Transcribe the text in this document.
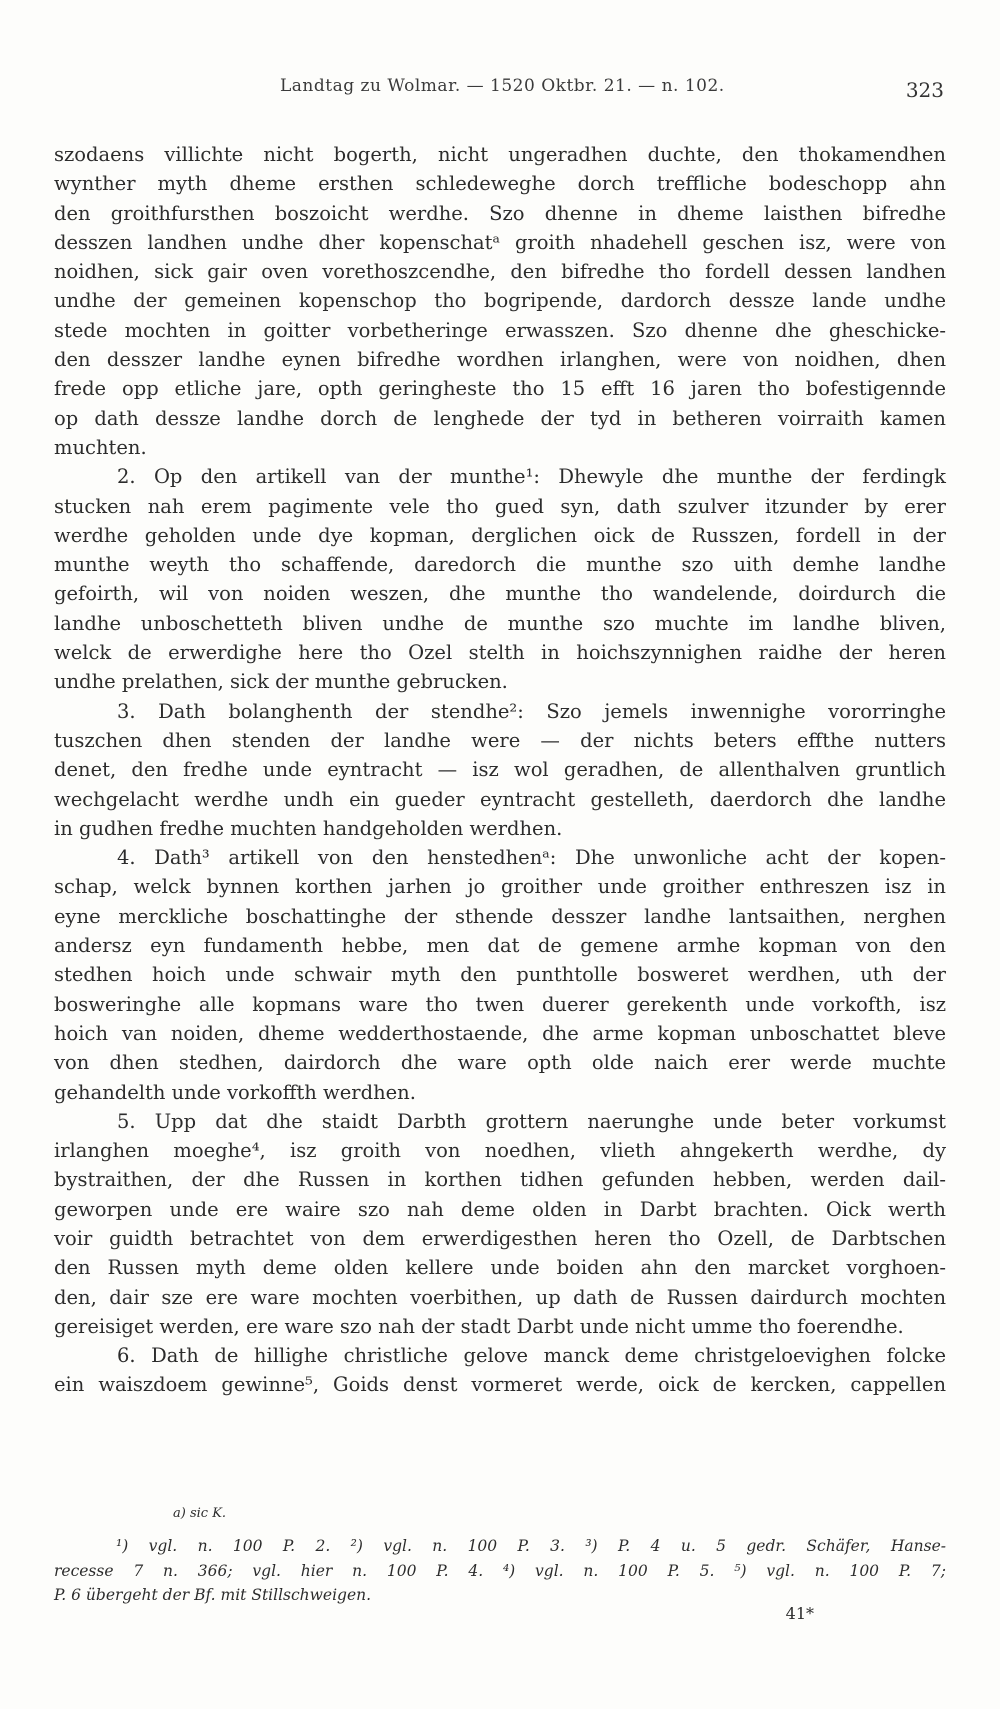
Landtag zu Wolmar. — 1520 Oktbr. 21. — n. 102.	323
szodaens villichte nicht bogerth, nicht ungeradhen duchte, den thokamendhen
wynther myth dheme ersthen schledeweghe dorch treffliche bodeschopp ahn
den groithfursthen boszoicht werdhe. Szo dhenne in dheme laisthen bifredhe
desszen landhen undhe dher kopenschatᵃ groith nhadehell geschen isz, were von
noidhen, sick gair oven vorethoszcendhe, den bifredhe tho fordell dessen landhen
undhe der gemeinen kopenschop tho bogripende, dardorch dessze lande undhe
stede mochten in goitter vorbetheringe erwasszen. Szo dhenne dhe gheschicke-
den desszer landhe eynen bifredhe wordhen irlanghen, were von noidhen, dhen
frede opp etliche jare, opth geringheste tho 15 efft 16 jaren tho bofestigennde
op dath dessze landhe dorch de lenghede der tyd in betheren voirraith kamen
muchten.
2. Op den artikell van der munthe¹: Dhewyle dhe munthe der ferdingk
stucken nah erem pagimente vele tho gued syn, dath szulver itzunder by erer
werdhe geholden unde dye kopman, derglichen oick de Russzen, fordell in der
munthe weyth tho schaffende, daredorch die munthe szo uith demhe landhe
gefoirth, wil von noiden weszen, dhe munthe tho wandelende, doirdurch die
landhe unboschetteth bliven undhe de munthe szo muchte im landhe bliven,
welck de erwerdighe here tho Ozel stelth in hoichszynnighen raidhe der heren
undhe prelathen, sick der munthe gebrucken.
3. Dath bolanghenth der stendhe²: Szo jemels inwennighe vororringhe
tuszchen dhen stenden der landhe were — der nichts beters effthe nutters
denet, den fredhe unde eyntracht — isz wol geradhen, de allenthalven gruntlich
wechgelacht werdhe undh ein gueder eyntracht gestelleth, daerdorch dhe landhe
in gudhen fredhe muchten handgeholden werdhen.
4. Dath³ artikell von den henstedhenᵃ: Dhe unwonliche acht der kopen-
schap, welck bynnen korthen jarhen jo groither unde groither enthreszen isz in
eyne merckliche boschattinghe der sthende desszer landhe lantsaithen, nerghen
andersz eyn fundamenth hebbe, men dat de gemene armhe kopman von den
stedhen hoich unde schwair myth den punthtolle bosweret werdhen, uth der
bosweringhe alle kopmans ware tho twen duerer gerekenth unde vorkofth, isz
hoich van noiden, dheme wedderthostaende, dhe arme kopman unboschattet bleve
von dhen stedhen, dairdorch dhe ware opth olde naich erer werde muchte
gehandelth unde vorkoffth werdhen.
5. Upp dat dhe staidt Darbth grottern naerunghe unde beter vorkumst
irlanghen moeghe⁴, isz groith von noedhen, vlieth ahngekerth werdhe, dy
bystraithen, der dhe Russen in korthen tidhen gefunden hebben, werden dail-
geworpen unde ere waire szo nah deme olden in Darbt brachten. Oick werth
voir guidth betrachtet von dem erwerdigesthen heren tho Ozell, de Darbtschen
den Russen myth deme olden kellere unde boiden ahn den marcket vorghoen-
den, dair sze ere ware mochten voerbithen, up dath de Russen dairdurch mochten
gereisiget werden, ere ware szo nah der stadt Darbt unde nicht umme tho foerendhe.
6. Dath de hillighe christliche gelove manck deme christgeloevighen folcke
ein waiszdoem gewinne⁵, Goids denst vormeret werde, oick de kercken, cappellen
a) sic K.
¹) vgl. n. 100 P. 2. ²) vgl. n. 100 P. 3. ³) P. 4 u. 5 gedr. Schäfer, Hanse-
recesse 7 n. 366; vgl. hier n. 100 P. 4. ⁴) vgl. n. 100 P. 5. ⁵) vgl. n. 100 P. 7;
P. 6 übergeht der Bf. mit Stillschweigen.
41*
